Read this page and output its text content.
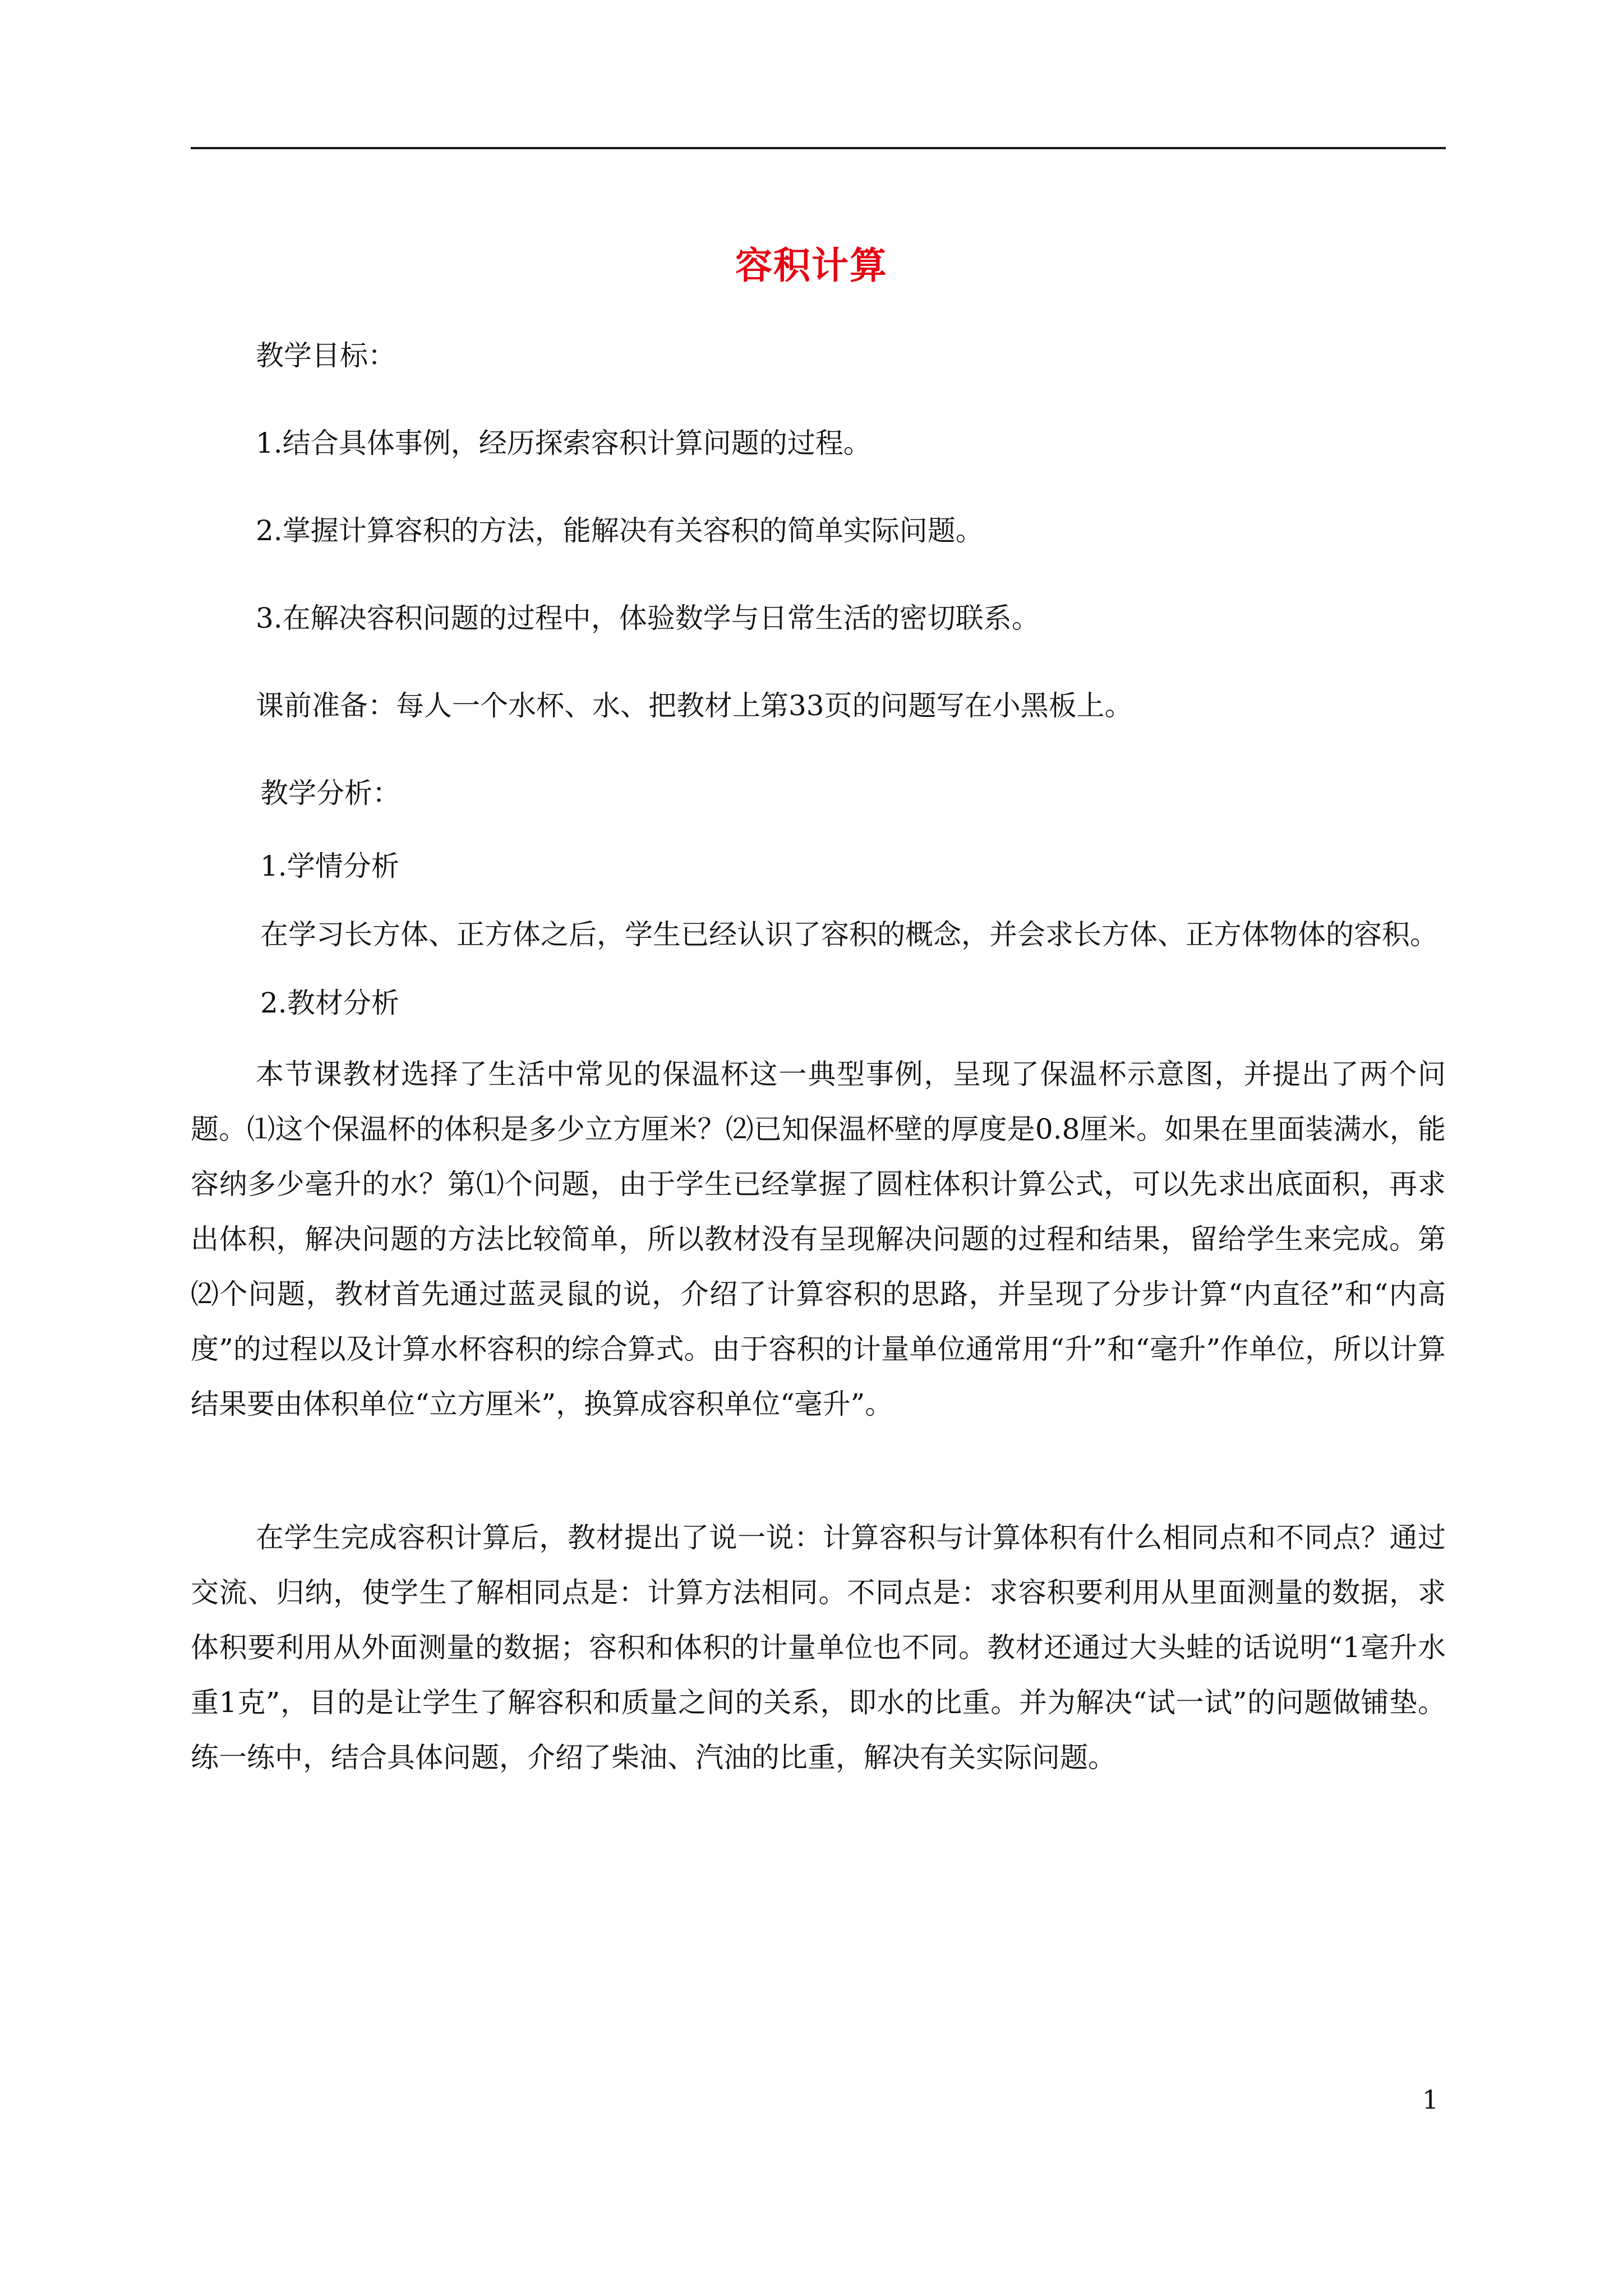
容积计算
教学目标：
1.结合具体事例，经历探索容积计算问题的过程。
2.掌握计算容积的方法，能解决有关容积的简单实际问题。
3.在解决容积问题的过程中，体验数学与日常生活的密切联系。
课前准备：每人一个水杯、水、把教材上第33页的问题写在小黑板上。
教学分析：
1.学情分析
在学习长方体、正方体之后，学生已经认识了容积的概念，并会求长方体、正方体物体的容积。
2.教材分析
本节课教材选择了生活中常见的保温杯这一典型事例，呈现了保温杯示意图，并提出了两个问题。⑴这个保温杯的体积是多少立方厘米？⑵已知保温杯壁的厚度是0.8厘米。如果在里面装满水，能容纳多少毫升的水？第⑴个问题，由于学生已经掌握了圆柱体积计算公式，可以先求出底面积，再求出体积，解决问题的方法比较简单，所以教材没有呈现解决问题的过程和结果，留给学生来完成。第⑵个问题，教材首先通过蓝灵鼠的说，介绍了计算容积的思路，并呈现了分步计算“内直径”和“内高度”的过程以及计算水杯容积的综合算式。由于容积的计量单位通常用“升”和“毫升”作单位，所以计算结果要由体积单位“立方厘米”，换算成容积单位“毫升”。
在学生完成容积计算后，教材提出了说一说：计算容积与计算体积有什么相同点和不同点？通过交流、归纳，使学生了解相同点是：计算方法相同。不同点是：求容积要利用从里面测量的数据，求体积要利用从外面测量的数据；容积和体积的计量单位也不同。教材还通过大头蛙的话说明“1毫升水重1克”，目的是让学生了解容积和质量之间的关系，即水的比重。并为解决“试一试”的问题做铺垫。练一练中，结合具体问题，介绍了柴油、汽油的比重，解决有关实际问题。
1
